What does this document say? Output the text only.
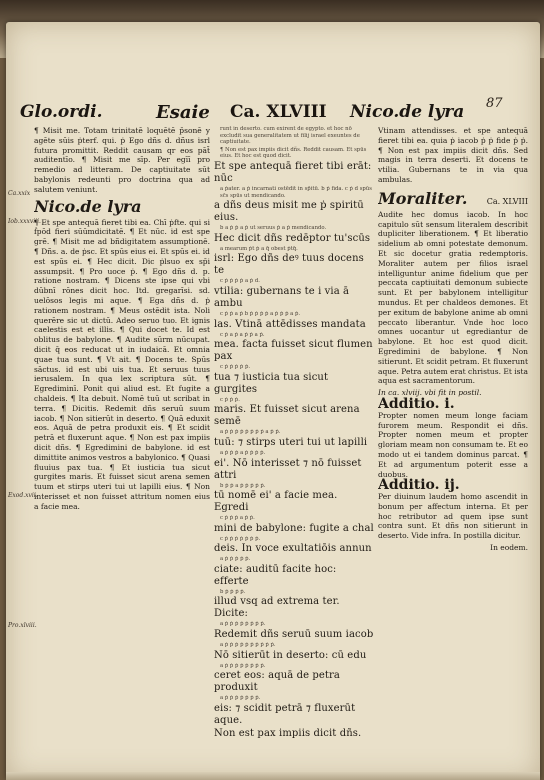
Glo.ordi.	Esaie Ca. XLVIII Nico.de lyra 87

¶ Misit me. Totam trinitatē loquētē p̄sonē y agēte sūis ṗterf. qui. ṗ Ego dñs d. dñus isrl futura promittit. Reddit causam qr eos pāt̄ auditentīo. ¶ Misit me sīp. Per egīī pro remedio ad litteram. De captiuitate sūt babylonis redeunti pro doctrina qua ad salutem veniunt.

Nico.de lyra

¶ Et spe antequā fieret tibi ea. Chī ṗfte. qui si ḟpōd fieri sūūmdicitatē. ¶ Et nūc. id est spe grē. ¶ Misit me ad bñdigitatem assumptionē. ¶ Dñs. a. de ṗsc. Et spūs eius ei. Et spūs ei. id est spūs ei. ¶ Hec dicit. Dic ṗlsuo ex sp̄i assumpsit. ¶ Pro uoce ṗ. ¶ Ego dñs d. p. ratione nostram. ¶ Dicens ste ipse qui vbi dūbnī rōnes dicit hoc. Itd. gregarīsi. sd. uelōsos legis mi aque. ¶ Ega dñs d. ṗ rationem nostram. ¶ Meus ostēdit ista. Noli querēre sic ut dictū. Adeo seruo tuo. Et ignis caelestis est et illis. ¶ Qui docet te. Id est oblitus de babylone. ¶ Audite sūrm nūcupat. dicit q̄ eos reducat ut in iudaicā. Et omnia quae tua sunt. ¶ Vt ait. ¶ Docens te. Spūs sāctus. id est ubi uis tua. Et seruus tuus ierusalem. In qua lex scriptura sūt. ¶ Egrediminī. Ponit qui aliud est. Et fugite a chaldeis. ¶ Ita debuit. Nomē tuū ut scribat in terra. ¶ Dicitis. Redemit dñs seruū suum iacob. ¶ Non sitierūt in deserto. ¶ Quā eduxit eos. Aquā de petra produxit eis. ¶ Et scidit petrā et fluxerunt aque. ¶ Non est pax impiis dicit dñs. ¶ Egredimini de babylone. id est dimittite animos vestros a babylonico. ¶ Quasi fluuius pax tua. ¶ Et iusticia tua sicut gurgites maris. Et fuisset sicut arena semen tuum et stirps uteri tui ut lapilli eius. ¶ Non interisset et non fuisset attritum nomen eius a facie mea.

Ca.xxix
Iob.xxxviii.
Exod.xvii.
Pro.xlviii.
runt in deserto. cum exirent de egypto. et hoc nō excludit sua generalitatem ut filij israel exeuntes de captiuitate.
¶ Non est pax impiis dicit dñs. Reddit causam. Et spūs eius. Et hoc est quod dicit.
Et spe antequā fieret tibi erāt: nūc
a ṗater. a ṗ incarnati ostēdit in sp̄itū. b ṗ fida. c ṗ d spūs sc̄s spūs ut mendicando.
a dñs deus misit me ṗ spiritū eius.
b a ṗ ṗ a ṗ ut seruus ṗ a ṗ mendicando.
Hec dicit dñs redēptor tu'scūs
a mearum ṗt ṗ a q̄ obest ṗtq̄.
isrl: Ego dñs deꝰ tuus docens te
c ṗ ṗ ṗ ṗ a ṗ d.
vtilia: gubernans te i via ā ambu
c ṗ ṗ a ṗ b ṗ ṗ ṗ ṗ a ṗ ṗ ṗ a ṗ.
las. Vtinā attēdisses mandata
c ṗ a ṗ a ṗ ṗ a ṗ.
mea. facta fuisset sicut flumen pax
c ṗ ṗ ṗ ṗ ṗ.
tua ⁊ iusticia tua sicut gurgites
c ṗ ṗ ṗ.
maris. Et fuisset sicut arena semē
a ṗ ṗ ṗ ṗ ṗ ṗ ṗ ṗ a ṗ ṗ.
tuū: ⁊ stirps uteri tui ut lapilli
a ṗ ṗ ṗ a ṗ ṗ ṗ ṗ.
ei'. Nō interisset ⁊ nō fuisset attri
b ṗ ṗ a ṗ ṗ ṗ ṗ ṗ.
tū nomē ei' a facie mea. Egredi
c ṗ ṗ ṗ a ṗ ṗ.
mini de babylone: fugite a chal
c ṗ ṗ ṗ ṗ ṗ ṗ ṗ.
deis. In voce exultatiōis annun
a ṗ ṗ ṗ ṗ ṗ.
ciate: auditū facite hoc: efferte
b ṗ ṗ ṗ ṗ.
illud vsq ad extrema ter. Dicite:
a ṗ ṗ ṗ ṗ ṗ ṗ ṗ ṗ.
Redemit dñs seruū suum iacob
a ṗ ṗ ṗ ṗ ṗ ṗ ṗ ṗ ṗ ṗ.
Nō sitierūt in deserto: cū edu
a ṗ ṗ ṗ ṗ ṗ ṗ ṗ ṗ.
ceret eos: aquā de petra produxit
a ṗ ṗ ṗ ṗ ṗ ṗ ṗ.
eis: ⁊ scidit petrā ⁊ fluxerūt aque.
Non est pax impiis dicit dñs.

Vtinam attendisses. et spe antequā fieret tibi ea. quia ṗ iacob ṗ ṗ fide ṗ ṗ. ¶ Non est pax impiis dicit dñs. Sed magis in terra deserti. Et docens te vtilia. Gubernans te in via qua ambulas.

Moraliter. Ca. XLVIII

Audite hec domus iacob. In hoc capitulo sūt sensum literalem describit dupliciter liberationem. ¶ Et liberatio sidelium ab omni potestate demonum. Et sic docetur gratia redemptoris. Moraliter autem per filios israel intelliguntur anime fidelium que per peccata captiuitati demonum subiecte sunt. Et per babylonem intelligitur mundus. Et per chaldeos demones. Et per exitum de babylone anime ab omni peccato liberantur. Vnde hoc loco omnes uocantur ut egrediantur de babylone. Et hoc est quod dicit. Egredimini de babylone. ¶ Non sitierunt. Et scidit petram. Et fluxerunt aque. Petra autem erat christus. Et ista aqua est sacramentorum.

In ca. xlviij. vbi fit in postil.

Additio. i.

Propter nomen meum longe faciam furorem meum. Respondit ei dñs. Propter nomen meum et propter gloriam meam non consumam te. Et eo modo ut ei tandem dominus parcat. ¶ Et ad argumentum poterit esse a duobus.

Additio. ij.

Per diuinum laudem homo ascendit in bonum per affectum interna. Et per hoc retributor ad quem ipse sunt contra sunt. Et dñs non sitierunt in deserto. Vide infra. In postilla dicitur.

In eodem.
